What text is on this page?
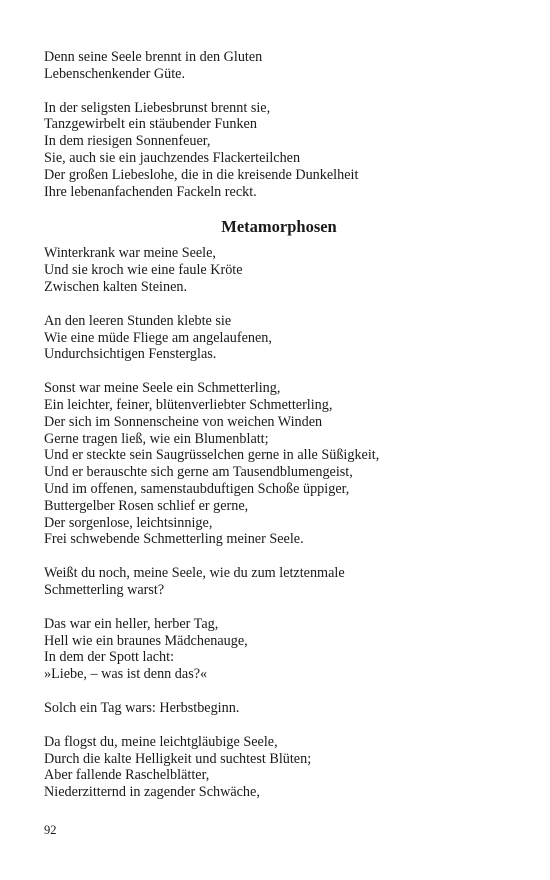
Denn seine Seele brennt in den Gluten
Lebenschenkender Güte.
In der seligsten Liebesbrunst brennt sie,
Tanzgewirbelt ein stäubender Funken
In dem riesigen Sonnenfeuer,
Sie, auch sie ein jauchzendes Flackerteilchen
Der großen Liebeslohe, die in die kreisende Dunkelheit
Ihre lebenanfachenden Fackeln reckt.
Metamorphosen
Winterkrank war meine Seele,
Und sie kroch wie eine faule Kröte
Zwischen kalten Steinen.
An den leeren Stunden klebte sie
Wie eine müde Fliege am angelaufenen,
Undurchsichtigen Fensterglas.
Sonst war meine Seele ein Schmetterling,
Ein leichter, feiner, blütenverliebter Schmetterling,
Der sich im Sonnenscheine von weichen Winden
Gerne tragen ließ, wie ein Blumenblatt;
Und er steckte sein Saugrüsselchen gerne in alle Süßigkeit,
Und er berauschte sich gerne am Tausendblumengeist,
Und im offenen, samenstaubduftigen Schoße üppiger,
Buttergelber Rosen schlief er gerne,
Der sorgenlose, leichtsinnige,
Frei schwebende Schmetterling meiner Seele.
Weißt du noch, meine Seele, wie du zum letztenmale
Schmetterling warst?
Das war ein heller, herber Tag,
Hell wie ein braunes Mädchenauge,
In dem der Spott lacht:
»Liebe, – was ist denn das?«
Solch ein Tag wars: Herbstbeginn.
Da flogst du, meine leichtgläubige Seele,
Durch die kalte Helligkeit und suchtest Blüten;
Aber fallende Raschelblätter,
Niederzitternd in zagender Schwäche,
92
